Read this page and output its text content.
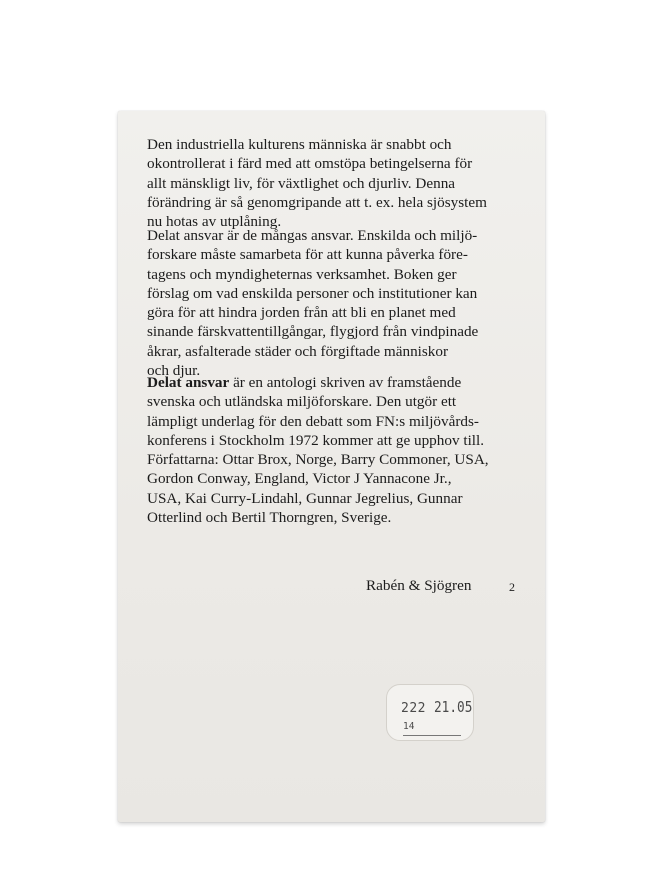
Den industriella kulturens människa är snabbt och
okontrollerat i färd med att omstöpa betingelserna för
allt mänskligt liv, för växtlighet och djurliv. Denna
förändring är så genomgripande att t. ex. hela sjösystem
nu hotas av utplåning.

Delat ansvar är de mångas ansvar. Enskilda och miljö-
forskare måste samarbeta för att kunna påverka före-
tagens och myndigheternas verksamhet. Boken ger
förslag om vad enskilda personer och institutioner kan
göra för att hindra jorden från att bli en planet med
sinande färskvattentillgångar, flygjord från vindpinade
åkrar, asfalterade städer och förgiftade människor
och djur.

Delat ansvar är en antologi skriven av framstående
svenska och utländska miljöforskare. Den utgör ett
lämpligt underlag för den debatt som FN:s miljövårds-
konferens i Stockholm 1972 kommer att ge upphov till.
Författarna: Ottar Brox, Norge, Barry Commoner, USA,
Gordon Conway, England, Victor J Yannacone Jr.,
USA, Kai Curry-Lindahl, Gunnar Jegrelius, Gunnar
Otterlind och Bertil Thorngren, Sverige.

Rabén & Sjögren	2
222 21.05
14
